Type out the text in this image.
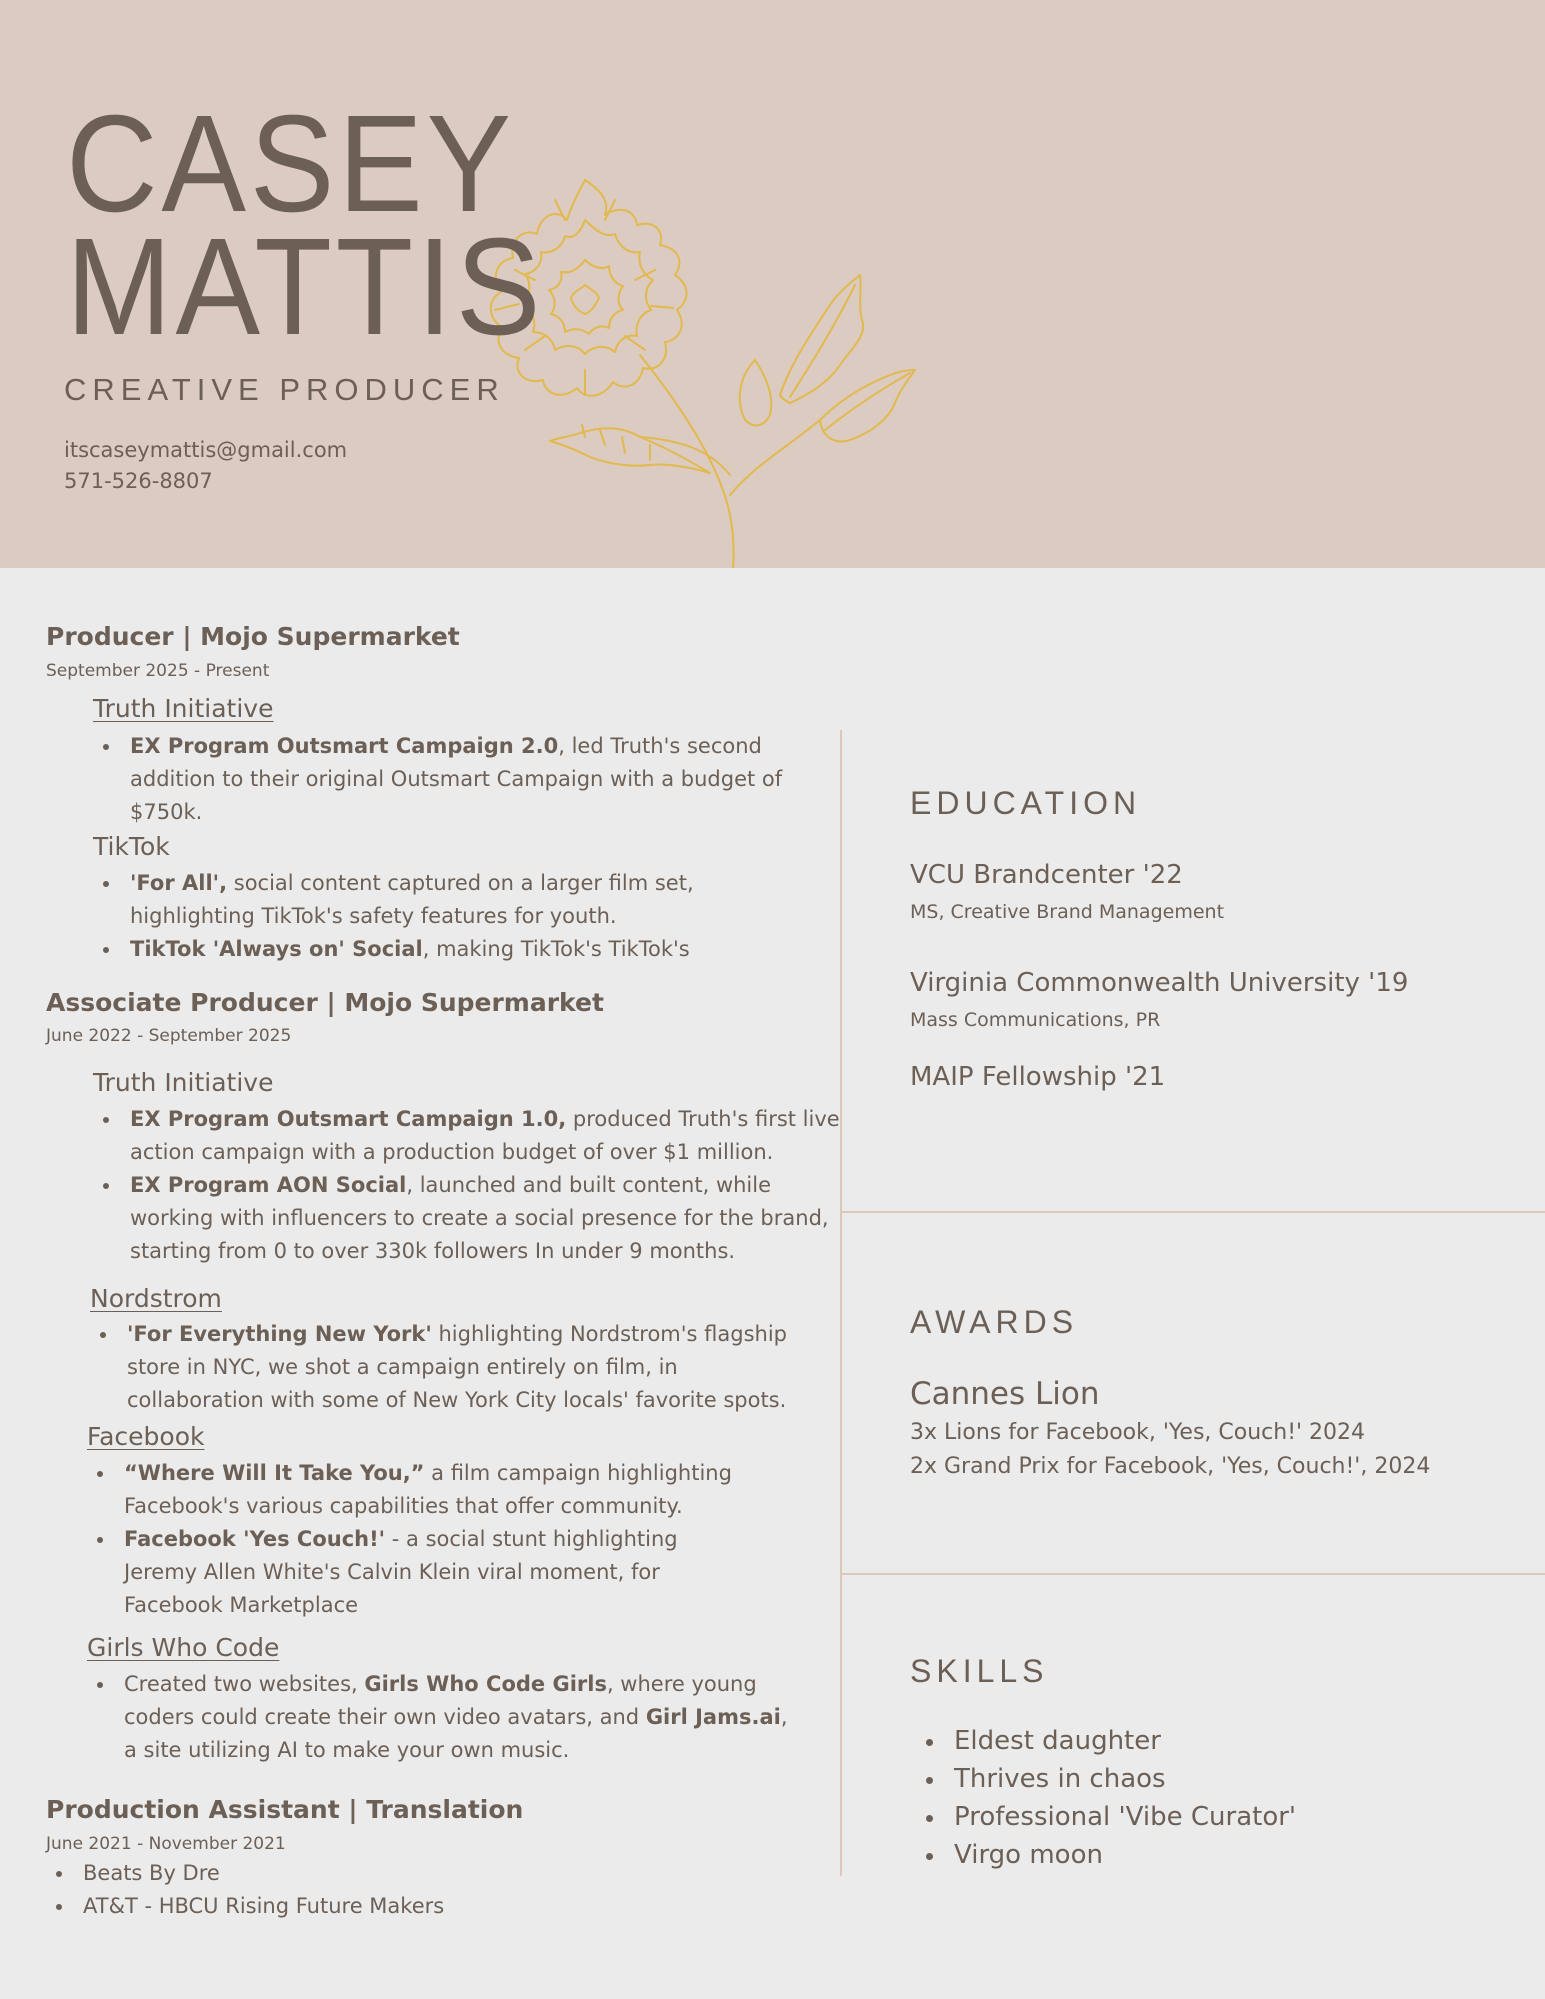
CASEY
MATTIS
CREATIVE PRODUCER
itscaseymattis@gmail.com
571-526-8807
Producer | Mojo Supermarket
September 2025 - Present
Truth Initiative
EX Program Outsmart Campaign 2.0, led Truth's second
addition to their original Outsmart Campaign with a budget of
$750k.
TikTok
'For All', social content captured on a larger film set,
highlighting TikTok's safety features for youth.
TikTok 'Always on' Social, making TikTok's TikTok's
Associate Producer | Mojo Supermarket
June 2022 - September 2025
Truth Initiative
EX Program Outsmart Campaign 1.0, produced Truth's first live
action campaign with a production budget of over $1 million.
EX Program AON Social, launched and built content, while
working with influencers to create a social presence for the brand,
starting from 0 to over 330k followers In under 9 months.
Nordstrom
'For Everything New York' highlighting Nordstrom's flagship
store in NYC, we shot a campaign entirely on film, in
collaboration with some of New York City locals' favorite spots.
Facebook
“Where Will It Take You,” a film campaign highlighting
Facebook's various capabilities that offer community.
Facebook 'Yes Couch!' - a social stunt highlighting
Jeremy Allen White's Calvin Klein viral moment, for
Facebook Marketplace
Girls Who Code
Created two websites, Girls Who Code Girls, where young
coders could create their own video avatars, and Girl Jams.ai,
a site utilizing AI to make your own music.
Production Assistant | Translation
June 2021 - November 2021
Beats By Dre
AT&T - HBCU Rising Future Makers
EDUCATION
VCU Brandcenter '22
MS, Creative Brand Management
Virginia Commonwealth University '19
Mass Communications, PR
MAIP Fellowship '21
AWARDS
Cannes Lion
3x Lions for Facebook, 'Yes, Couch!' 2024
2x Grand Prix for Facebook, 'Yes, Couch!', 2024
SKILLS
Eldest daughter
Thrives in chaos
Professional 'Vibe Curator'
Virgo moon
